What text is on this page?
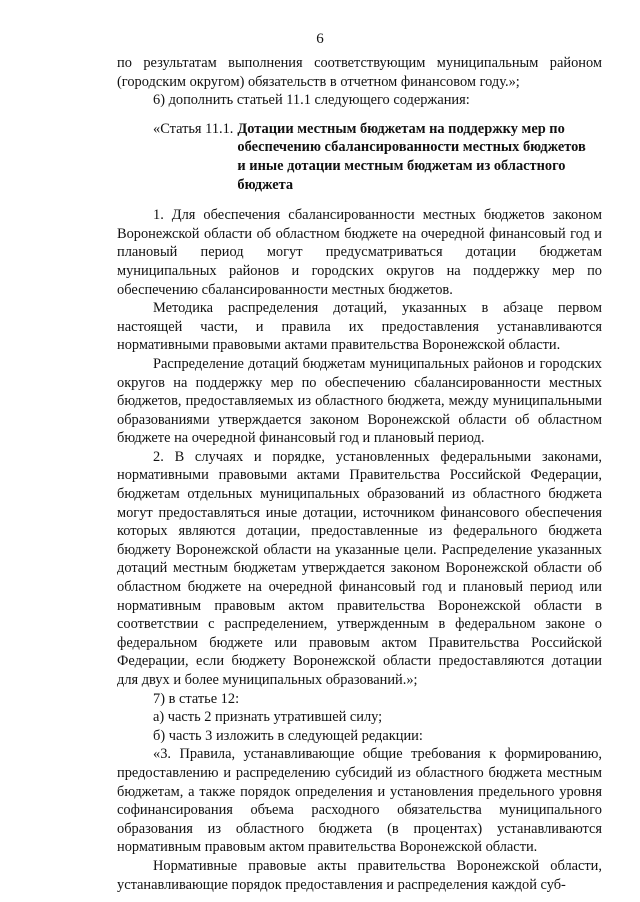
6

по результатам выполнения соответствующим муниципальным районом (городским округом) обязательств в отчетном финансовом году.»;

6) дополнить статьей 11.1 следующего содержания:

«Статья 11.1. Дотации местным бюджетам на поддержку мер по
обеспечению сбалансированности местных бюджетов и иные дотации местным бюджетам из областного бюджета

1. Для обеспечения сбалансированности местных бюджетов законом Воронежской области об областном бюджете на очередной финансовый год и плановый период могут предусматриваться дотации бюджетам муниципальных районов и городских округов на поддержку мер по обеспечению сбалансированности местных бюджетов.

Методика распределения дотаций, указанных в абзаце первом настоящей части, и правила их предоставления устанавливаются нормативными правовыми актами правительства Воронежской области.

Распределение дотаций бюджетам муниципальных районов и городских округов на поддержку мер по обеспечению сбалансированности местных бюджетов, предоставляемых из областного бюджета, между муниципальными образованиями утверждается законом Воронежской области об областном бюджете на очередной финансовый год и плановый период.

2. В случаях и порядке, установленных федеральными законами, нормативными правовыми актами Правительства Российской Федерации, бюджетам отдельных муниципальных образований из областного бюджета могут предоставляться иные дотации, источником финансового обеспечения которых являются дотации, предоставленные из федерального бюджета бюджету Воронежской области на указанные цели. Распределение указанных дотаций местным бюджетам утверждается законом Воронежской области об областном бюджете на очередной финансовый год и плановый период или нормативным правовым актом правительства Воронежской области в соответствии с распределением, утвержденным в федеральном законе о федеральном бюджете или правовым актом Правительства Российской Федерации, если бюджету Воронежской области предоставляются дотации для двух и более муниципальных образований.»;

7) в статье 12:

а) часть 2 признать утратившей силу;

б) часть 3 изложить в следующей редакции:

«3. Правила, устанавливающие общие требования к формированию, предоставлению и распределению субсидий из областного бюджета местным бюджетам, а также порядок определения и установления предельного уровня софинансирования объема расходного обязательства муниципального образования из областного бюджета (в процентах) устанавливаются нормативным правовым актом правительства Воронежской области.

Нормативные правовые акты правительства Воронежской области, устанавливающие порядок предоставления и распределения каждой суб-
